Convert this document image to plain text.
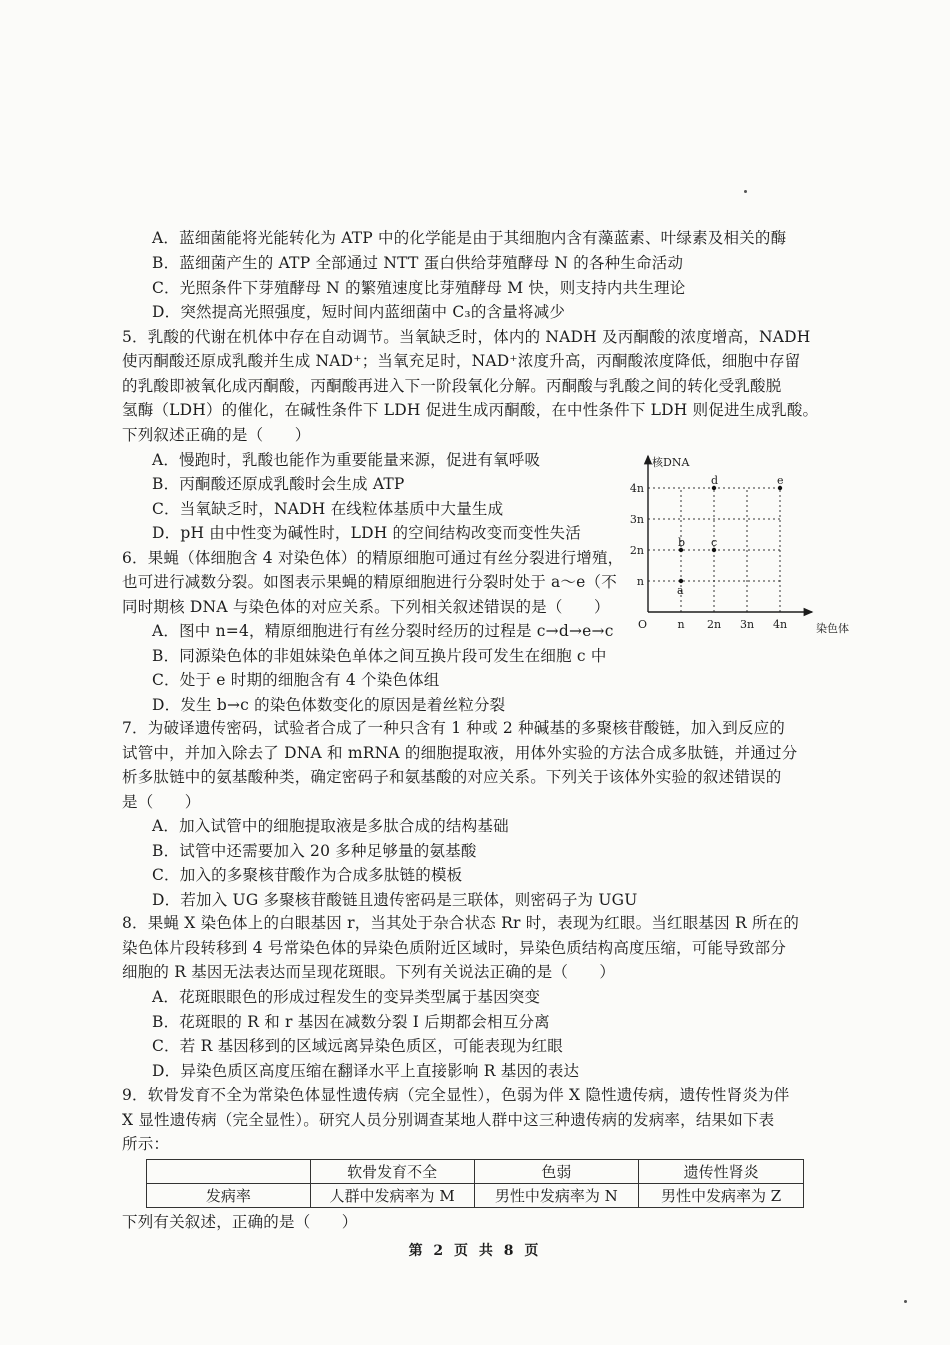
A．蓝细菌能将光能转化为 ATP 中的化学能是由于其细胞内含有藻蓝素、叶绿素及相关的酶
B．蓝细菌产生的 ATP 全部通过 NTT 蛋白供给芽殖酵母 N 的各种生命活动
C．光照条件下芽殖酵母 N 的繁殖速度比芽殖酵母 M 快，则支持内共生理论
D．突然提高光照强度，短时间内蓝细菌中 C₃的含量将减少
5．乳酸的代谢在机体中存在自动调节。当氧缺乏时，体内的 NADH 及丙酮酸的浓度增高，NADH
使丙酮酸还原成乳酸并生成 NAD⁺；当氧充足时，NAD⁺浓度升高，丙酮酸浓度降低，细胞中存留
的乳酸即被氧化成丙酮酸，丙酮酸再进入下一阶段氧化分解。丙酮酸与乳酸之间的转化受乳酸脱
氢酶（LDH）的催化，在碱性条件下 LDH 促进生成丙酮酸，在中性条件下 LDH 则促进生成乳酸。
下列叙述正确的是（　　）
A．慢跑时，乳酸也能作为重要能量来源，促进有氧呼吸
B．丙酮酸还原成乳酸时会生成 ATP
C．当氧缺乏时，NADH 在线粒体基质中大量生成
D．pH 由中性变为碱性时，LDH 的空间结构改变而变性失活
6．果蝇（体细胞含 4 对染色体）的精原细胞可通过有丝分裂进行增殖，
也可进行减数分裂。如图表示果蝇的精原细胞进行分裂时处于 a～e（不
同时期核 DNA 与染色体的对应关系。下列相关叙述错误的是（　　）
A．图中 n=4，精原细胞进行有丝分裂时经历的过程是 c→d→e→c
B．同源染色体的非姐妹染色单体之间互换片段可发生在细胞 c 中
C．处于 e 时期的细胞含有 4 个染色体组
D．发生 b→c 的染色体数变化的原因是着丝粒分裂
核DNA
染色体
O	n 2n 3n 4n
n
2n
3n
4n
a
b c
d	e
7．为破译遗传密码，试验者合成了一种只含有 1 种或 2 种碱基的多聚核苷酸链，加入到反应的
试管中，并加入除去了 DNA 和 mRNA 的细胞提取液，用体外实验的方法合成多肽链，并通过分
析多肽链中的氨基酸种类，确定密码子和氨基酸的对应关系。下列关于该体外实验的叙述错误的
是（　　）
A．加入试管中的细胞提取液是多肽合成的结构基础
B．试管中还需要加入 20 多种足够量的氨基酸
C．加入的多聚核苷酸作为合成多肽链的模板
D．若加入 UG 多聚核苷酸链且遗传密码是三联体，则密码子为 UGU
8．果蝇 X 染色体上的白眼基因 r，当其处于杂合状态 Rr 时，表现为红眼。当红眼基因 R 所在的
染色体片段转移到 4 号常染色体的异染色质附近区域时，异染色质结构高度压缩，可能导致部分
细胞的 R 基因无法表达而呈现花斑眼。下列有关说法正确的是（　　）
A．花斑眼眼色的形成过程发生的变异类型属于基因突变
B．花斑眼的 R 和 r 基因在减数分裂 I 后期都会相互分离
C．若 R 基因移到的区域远离异染色质区，可能表现为红眼
D．异染色质区高度压缩在翻译水平上直接影响 R 基因的表达
9．软骨发育不全为常染色体显性遗传病（完全显性），色弱为伴 X 隐性遗传病，遗传性肾炎为伴
X 显性遗传病（完全显性）。研究人员分别调查某地人群中这三种遗传病的发病率，结果如下表
所示：
	软骨发育不全	色弱	遗传性肾炎
发病率	人群中发病率为 M	男性中发病率为 N	男性中发病率为 Z
下列有关叙述，正确的是（　　）
第 2 页 共 8 页
